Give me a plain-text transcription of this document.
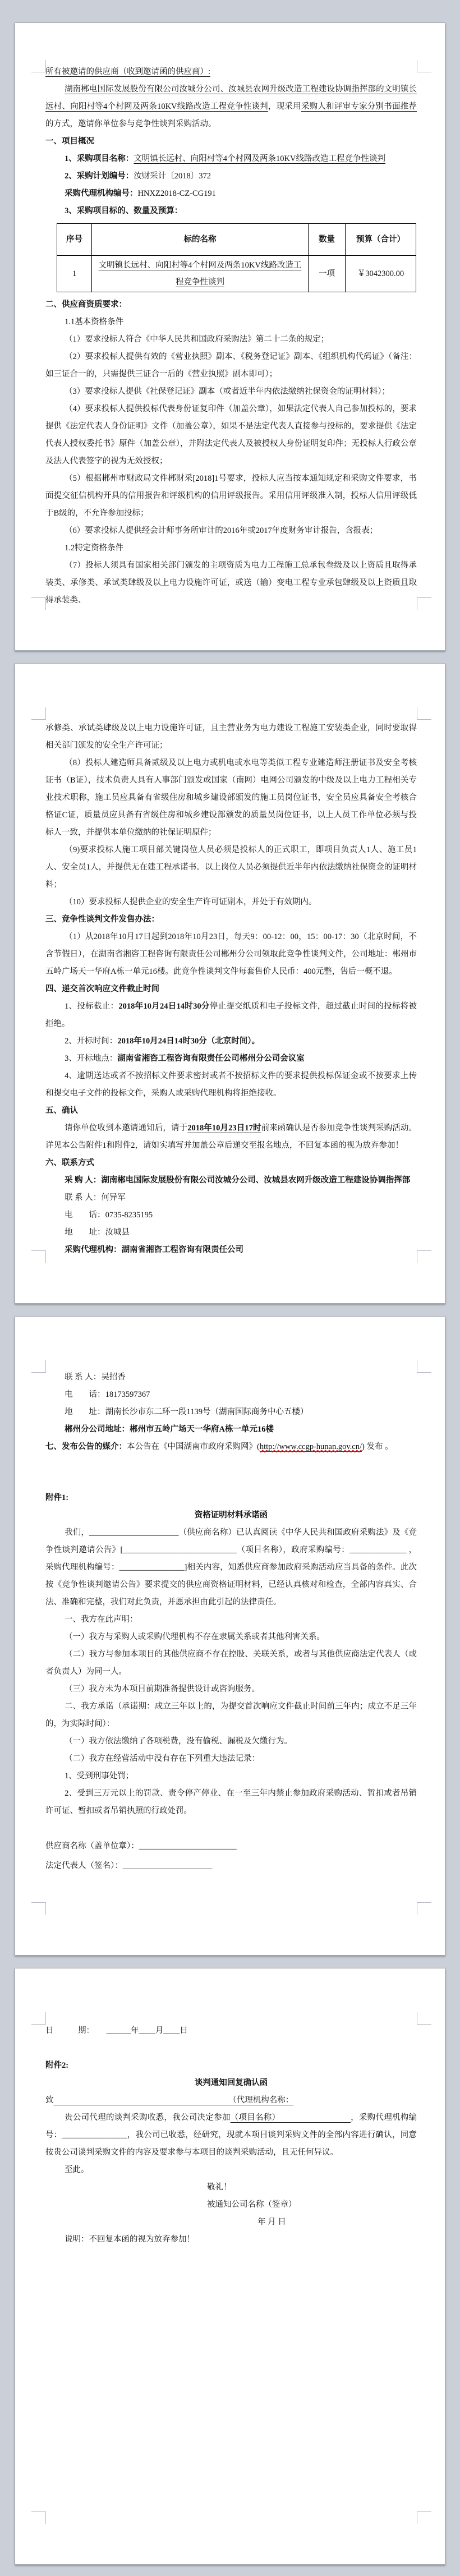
所有被邀请的供应商（收到邀请函的供应商）:

湖南郴电国际发展股份有限公司汝城分公司、汝城县农网升级改造工程建设协调指挥部的文明镇长远村、向阳村等4个村网及两条10KV线路改造工程竞争性谈判，现采用采购人和评审专家分别书面推荐的方式，邀请你单位参与竞争性谈判采购活动。

一、项目概况

1、采购项目名称：文明镇长远村、向阳村等4个村网及两条10KV线路改造工程竞争性谈判

2、采购计划编号：汝财采计〔2018〕372

采购代理机构编号：HNXZ2018-CZ-CG191

3、采购项目标的、数量及预算：

序号	标的名称	数量	预算（合计）
1	文明镇长远村、向阳村等4个村网及两条10KV线路改造工程竞争性谈判	一项	￥3042300.00

二、供应商资质要求：

1.1基本资格条件

（1）要求投标人符合《中华人民共和国政府采购法》第二十二条的规定；

（2）要求投标人提供有效的《营业执照》副本、《税务登记证》副本、《组织机构代码证》（备注：如三证合一的，只需提供三证合一后的《营业执照》副本即可）；

（3）要求投标人提供《社保登记证》副本（或者近半年内依法缴纳社保资金的证明材料）；

（4）要求投标人提供投标代表身份证复印件（加盖公章），如果法定代表人自己参加投标的，要求提供《法定代表人身份证明》文件（加盖公章），如果不是法定代表人直接参与投标的，要求提供《法定代表人授权委托书》原件（加盖公章），并附法定代表人及被授权人身份证明复印件；无投标人行政公章及法人代表签字的视为无效授权；

（5）根据郴州市财政局文件郴财采[2018]1号要求，投标人应当按本通知规定和采购文件要求，书面提交征信机构开具的信用报告和评级机构的信用评级报告。采用信用评级准入制，投标人信用评级低于B级的，不允许参加投标；

（6）要求投标人提供经会计师事务所审计的2016年或2017年度财务审计报告，含报表；

1.2特定资格条件

（7）投标人须具有国家相关部门颁发的主项资质为电力工程施工总承包叁级及以上资质且取得承装类、承修类、承试类肆级及以上电力设施许可证，或送（输）变电工程专业承包肆级及以上资质且取得承装类、

承修类、承试类肆级及以上电力设施许可证，且主营业务为电力建设工程施工安装类企业，同时要取得相关部门颁发的安全生产许可证；

（8）投标人建造师具备贰级及以上电力或机电或水电等类似工程专业建造师注册证书及安全考核证书（B证），技术负责人具有人事部门颁发或国家（南网）电网公司颁发的中级及以上电力工程相关专业技术职称，施工员应具备有省级住房和城乡建设部颁发的施工员岗位证书，安全员应具备安全考核合格证C证，质量员应具备有省级住房和城乡建设部颁发的质量员岗位证书，以上人员工作单位必须与投标人一致，并提供本单位缴纳的社保证明原件；

（9)要求投标人施工项目部关键岗位人员必须是投标人的正式职工，即项目负责人1人、施工员1人、安全员1人，并提供无在建工程承诺书。以上岗位人员必须提供近半年内依法缴纳社保资金的证明材料；

（10）要求投标人提供企业的安全生产许可证副本，并处于有效期内。

三、竞争性谈判文件发售办法：

（1）从2018年10月17日起到2018年10月23日，每天9：00-12：00，15：00-17：30（北京时间，不含节假日），在湖南省湘咨工程咨询有限责任公司郴州分公司领取此竞争性谈判文件，公司地址：郴州市五岭广场天一华府A栋一单元16楼。此竞争性谈判文件每套售价人民币：400元整，售后一概不退。

四、递交首次响应文件截止时间

1、投标截止：2018年10月24日14时30分停止提交纸质和电子投标文件，超过截止时间的投标将被拒绝。

2、开标时间：2018年10月24日14时30分（北京时间）。

3、开标地点：湖南省湘咨工程咨询有限责任公司郴州分公司会议室

4、逾期送达或者不按招标文件要求密封或者不按招标文件的要求提供投标保证金或不按要求上传和提交电子文件的投标文件，采购人或采购代理机构将拒绝接收。

五、确认

请你单位收到本邀请通知后，请于2018年10月23日17时前来函确认是否参加竞争性谈判采购活动。详见本公告附件1和附件2，请如实填写并加盖公章后递交至报名地点，不回复本函的视为放弃参加！

六、联系方式

采 购 人：湖南郴电国际发展股份有限公司汝城分公司、汝城县农网升级改造工程建设协调指挥部

联 系 人：何异军

电　　话：0735-8235195

地　　址：汝城县

采购代理机构：湖南省湘咨工程咨询有限责任公司

联 系 人：吴招香

电　　话：18173597367

地　　址：湖南长沙市东二环一段1139号（湖南国际商务中心五楼）

郴州分公司地址：郴州市五岭广场天一华府A栋一单元16楼

七、发布公告的媒介：本公告在《中国湖南市政府采购网》(http://www.ccgp-hunan.gov.cn/) 发布 。

附件1:

资格证明材料承诺函

我们，______________________（供应商名称）已认真阅读《中华人民共和国政府采购法》及《竞争性谈判邀请公告》[____________________________（项目名称），政府采购编号：______________ ，采购代理机构编号：________________]相关内容，知悉供应商参加政府采购活动应当具备的条件。此次按《竞争性谈判邀请公告》要求提交的供应商资格证明材料，已经认真核对和检查，全部内容真实、合法、准确和完整，我们对此负责，并愿承担由此引起的法律责任。

一、我方在此声明：

（一）我方与采购人或采购代理机构不存在隶属关系或者其他利害关系。

（二）我方与参加本项目的其他供应商不存在控股、关联关系，或者与其他供应商法定代表人（或者负责人）为同一人。

（三）我方未为本项目前期准备提供设计或咨询服务。

二、我方承诺（承诺期：成立三年以上的，为提交首次响应文件截止时间前三年内；成立不足三年的，为实际时间）：

（一）我方依法缴纳了各项税费，没有偷税、漏税及欠缴行为。

（二）我方在经营活动中没有存在下列重大违法记录：

1、受到刑事处罚；

2、受到三万元以上的罚款、责令停产停业、在一至三年内禁止参加政府采购活动、暂扣或者吊销许可证、暂扣或者吊销执照的行政处罚。

供应商名称（盖单位章）：________________________

法定代表人（签名）：______________________

日　　　期：　　______年____月____日

附件2:

谈判通知回复确认函

致　　　　　　　　　　　　　　　　　　　　　　（代理机构名称：

贵公司代理的谈判采购收悉，我公司决定参加（项目名称）　　　　　　　　　，采购代理机构编号：________________，我公司已收悉，经研究，现就本项目谈判采购文件的全部内容进行确认，同意按贵公司谈判采购文件的内容及要求参与本项目的谈判采购活动，且无任何异议。

至此。

敬礼！

被通知公司名称（签章）

年 月 日

说明：不回复本函的视为放弃参加！
